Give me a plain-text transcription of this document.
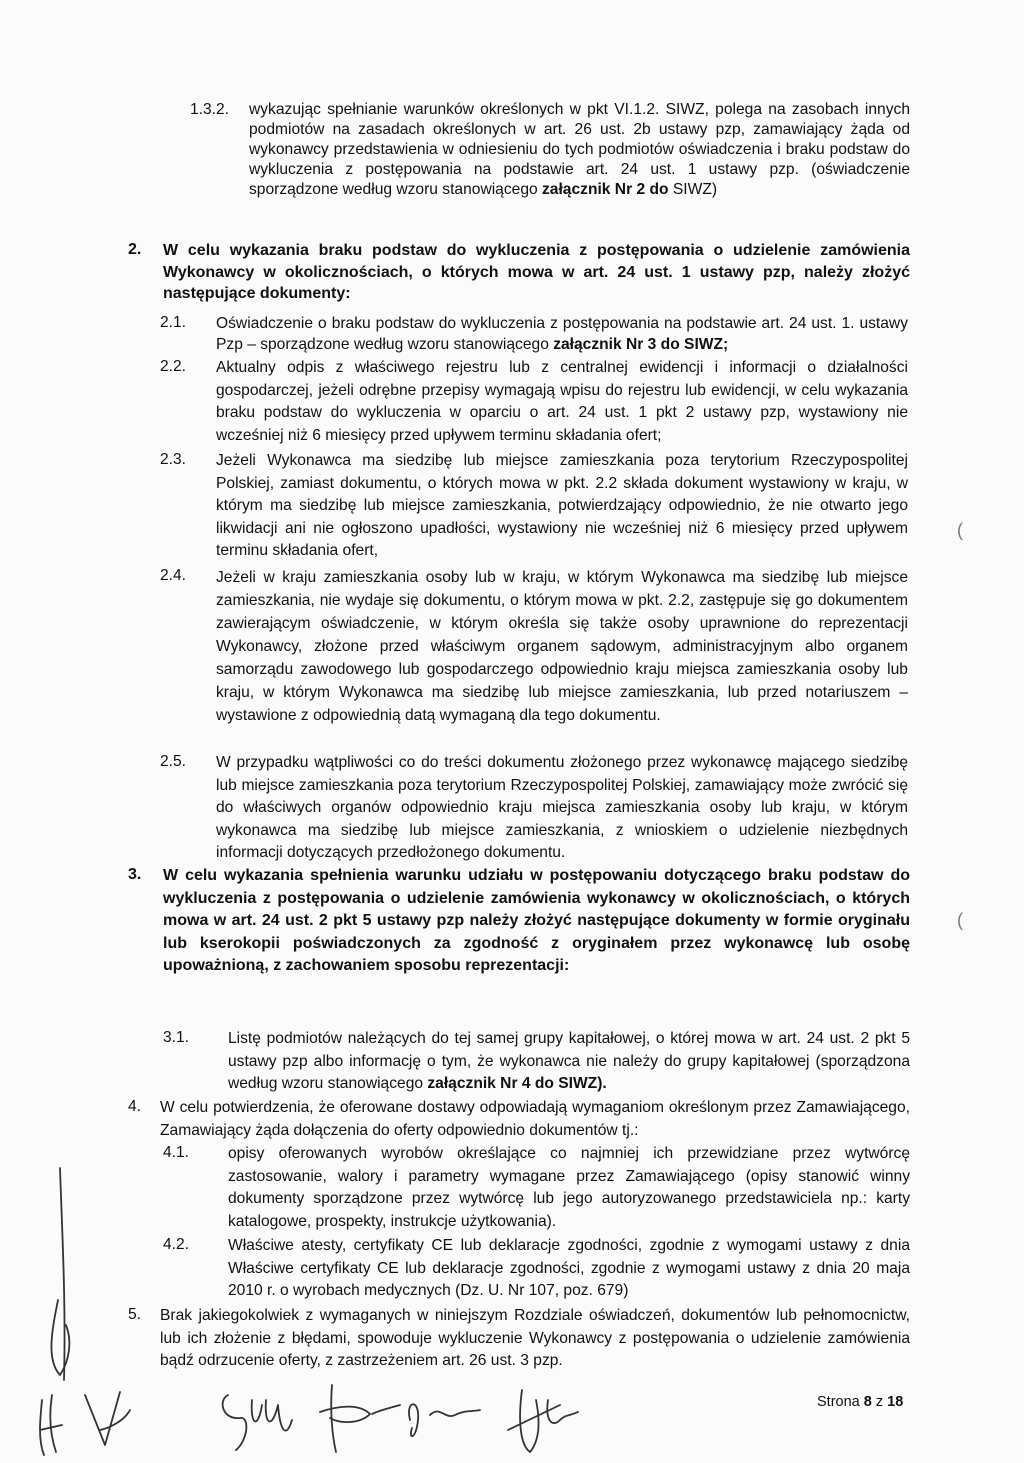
1.3.2. wykazując spełnianie warunków określonych w pkt VI.1.2. SIWZ, polega na zasobach innych podmiotów na zasadach określonych w art. 26 ust. 2b ustawy pzp, zamawiający żąda od wykonawcy przedstawienia w odniesieniu do tych podmiotów oświadczenia i braku podstaw do wykluczenia z postępowania na podstawie art. 24 ust. 1 ustawy pzp. (oświadczenie sporządzone według wzoru stanowiącego załącznik Nr 2 do SIWZ)
2. W celu wykazania braku podstaw do wykluczenia z postępowania o udzielenie zamówienia Wykonawcy w okolicznościach, o których mowa w art. 24 ust. 1 ustawy pzp, należy złożyć następujące dokumenty:
2.1. Oświadczenie o braku podstaw do wykluczenia z postępowania na podstawie art. 24 ust. 1. ustawy Pzp – sporządzone według wzoru stanowiącego załącznik Nr 3 do SIWZ;
2.2. Aktualny odpis z właściwego rejestru lub z centralnej ewidencji i informacji o działalności gospodarczej, jeżeli odrębne przepisy wymagają wpisu do rejestru lub ewidencji, w celu wykazania braku podstaw do wykluczenia w oparciu o art. 24 ust. 1 pkt 2 ustawy pzp, wystawiony nie wcześniej niż 6 miesięcy przed upływem terminu składania ofert;
2.3. Jeżeli Wykonawca ma siedzibę lub miejsce zamieszkania poza terytorium Rzeczypospolitej Polskiej, zamiast dokumentu, o których mowa w pkt. 2.2 składa dokument wystawiony w kraju, w którym ma siedzibę lub miejsce zamieszkania, potwierdzający odpowiednio, że nie otwarto jego likwidacji ani nie ogłoszono upadłości, wystawiony nie wcześniej niż 6 miesięcy przed upływem terminu składania ofert,
2.4. Jeżeli w kraju zamieszkania osoby lub w kraju, w którym Wykonawca ma siedzibę lub miejsce zamieszkania, nie wydaje się dokumentu, o którym mowa w pkt. 2.2, zastępuje się go dokumentem zawierającym oświadczenie, w którym określa się także osoby uprawnione do reprezentacji Wykonawcy, złożone przed właściwym organem sądowym, administracyjnym albo organem samorządu zawodowego lub gospodarczego odpowiednio kraju miejsca zamieszkania osoby lub kraju, w którym Wykonawca ma siedzibę lub miejsce zamieszkania, lub przed notariuszem – wystawione z odpowiednią datą wymaganą dla tego dokumentu.
2.5. W przypadku wątpliwości co do treści dokumentu złożonego przez wykonawcę mającego siedzibę lub miejsce zamieszkania poza terytorium Rzeczypospolitej Polskiej, zamawiający może zwrócić się do właściwych organów odpowiednio kraju miejsca zamieszkania osoby lub kraju, w którym wykonawca ma siedzibę lub miejsce zamieszkania, z wnioskiem o udzielenie niezbędnych informacji dotyczących przedłożonego dokumentu.
3. W celu wykazania spełnienia warunku udziału w postępowaniu dotyczącego braku podstaw do wykluczenia z postępowania o udzielenie zamówienia wykonawcy w okolicznościach, o których mowa w art. 24 ust. 2 pkt 5 ustawy pzp należy złożyć następujące dokumenty w formie oryginału lub kserokopii poświadczonych za zgodność z oryginałem przez wykonawcę lub osobę upoważnioną, z zachowaniem sposobu reprezentacji:
3.1. Listę podmiotów należących do tej samej grupy kapitałowej, o której mowa w art. 24 ust. 2 pkt 5 ustawy pzp albo informację o tym, że wykonawca nie należy do grupy kapitałowej (sporządzona według wzoru stanowiącego załącznik Nr 4 do SIWZ).
4. W celu potwierdzenia, że oferowane dostawy odpowiadają wymaganiom określonym przez Zamawiającego, Zamawiający żąda dołączenia do oferty odpowiednio dokumentów tj.:
4.1. opisy oferowanych wyrobów określające co najmniej ich przewidziane przez wytwórcę zastosowanie, walory i parametry wymagane przez Zamawiającego (opisy stanowić winny dokumenty sporządzone przez wytwórcę lub jego autoryzowanego przedstawiciela np.: karty katalogowe, prospekty, instrukcje użytkowania).
4.2. Właściwe atesty, certyfikaty CE lub deklaracje zgodności, zgodnie z wymogami ustawy z dnia Właściwe certyfikaty CE lub deklaracje zgodności, zgodnie z wymogami ustawy z dnia 20 maja 2010 r. o wyrobach medycznych (Dz. U. Nr 107, poz. 679)
5. Brak jakiegokolwiek z wymaganych w niniejszym Rozdziale oświadczeń, dokumentów lub pełnomocnictw, lub ich złożenie z błędami, spowoduje wykluczenie Wykonawcy z postępowania o udzielenie zamówienia bądź odrzucenie oferty, z zastrzeżeniem art. 26 ust. 3 pzp.
(
(
Strona 8 z 18
